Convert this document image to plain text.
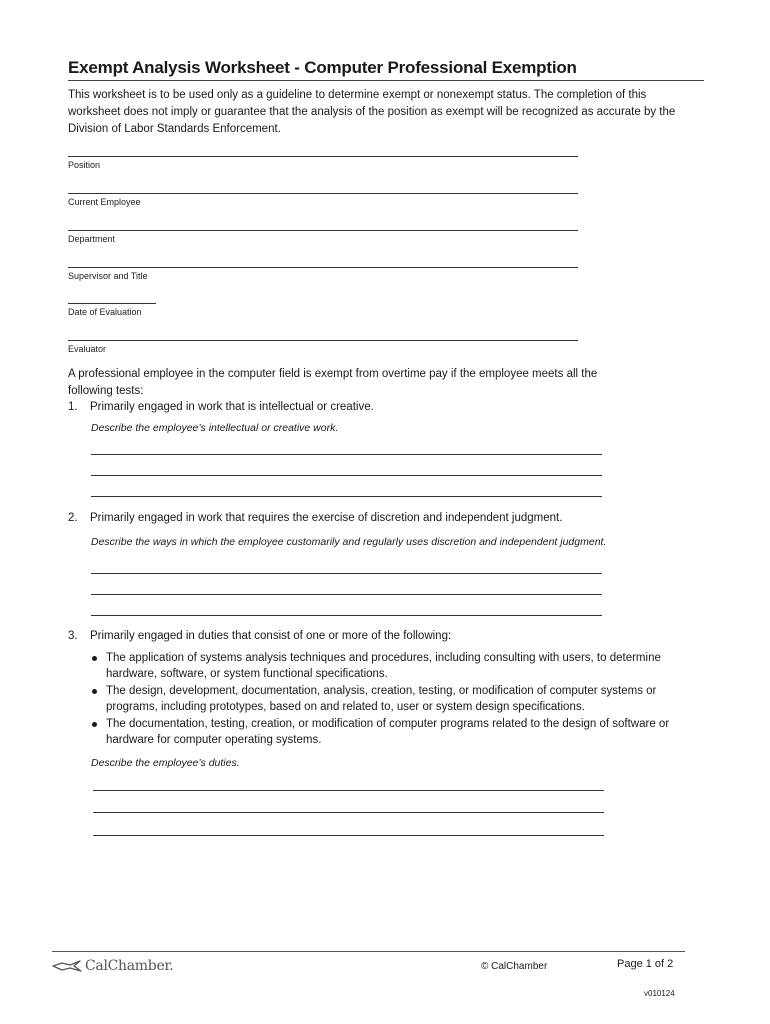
Exempt Analysis Worksheet - Computer Professional Exemption
This worksheet is to be used only as a guideline to determine exempt or nonexempt status. The completion of this worksheet does not imply or guarantee that the analysis of the position as exempt will be recognized as accurate by the Division of Labor Standards Enforcement.
Position
Current Employee
Department
Supervisor and Title
Date of Evaluation
Evaluator
A professional employee in the computer field is exempt from overtime pay if the employee meets all the following tests:
1. Primarily engaged in work that is intellectual or creative.
Describe the employee’s intellectual or creative work.
2. Primarily engaged in work that requires the exercise of discretion and independent judgment.
Describe the ways in which the employee customarily and regularly uses discretion and independent judgment.
3. Primarily engaged in duties that consist of one or more of the following:
The application of systems analysis techniques and procedures, including consulting with users, to determine hardware, software, or system functional specifications.
The design, development, documentation, analysis, creation, testing, or modification of computer systems or programs, including prototypes, based on and related to, user or system design specifications.
The documentation, testing, creation, or modification of computer programs related to the design of software or hardware for computer operating systems.
Describe the employee’s duties.
CalChamber.	© CalChamber	Page 1 of 2
v010124
